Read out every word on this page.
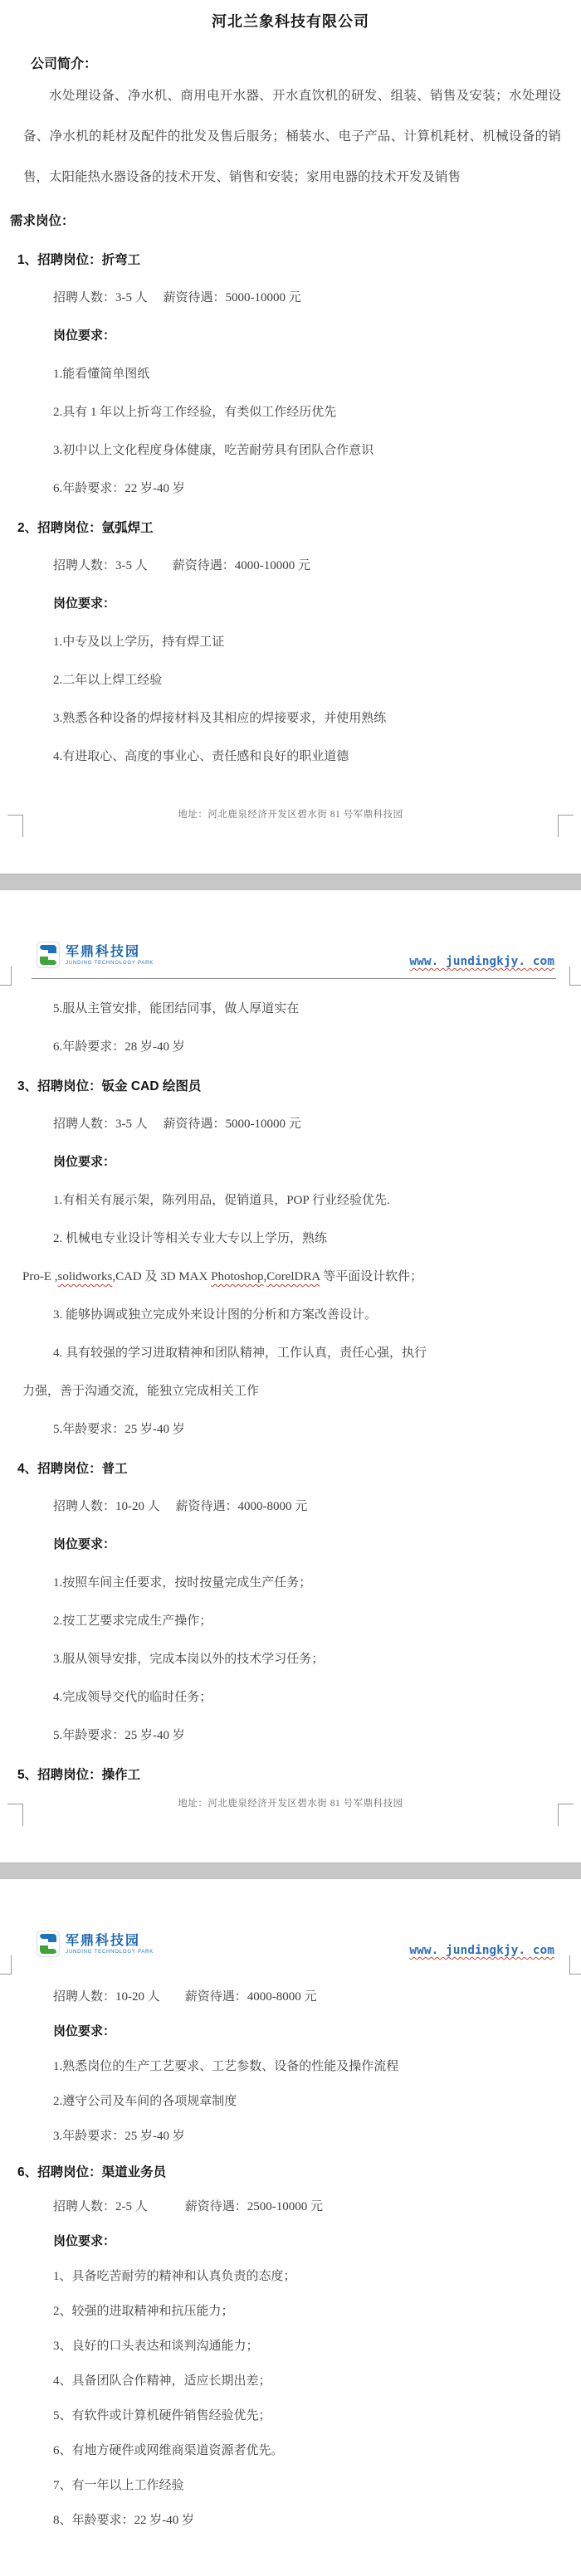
河北兰象科技有限公司
公司简介：
水处理设备、净水机、商用电开水器、开水直饮机的研发、组装、销售及安装；水处理设备、净水机的耗材及配件的批发及售后服务；桶装水、电子产品、计算机耗材、机械设备的销售，太阳能热水器设备的技术开发、销售和安装；家用电器的技术开发及销售
需求岗位：
1、招聘岗位：折弯工
招聘人数：3-5 人　 薪资待遇：5000-10000 元
岗位要求：
1.能看懂简单图纸
2.具有 1 年以上折弯工作经验，有类似工作经历优先
3.初中以上文化程度身体健康，吃苦耐劳具有团队合作意识
6.年龄要求：22 岁-40 岁
2、招聘岗位：氩弧焊工
招聘人数：3-5 人　　薪资待遇：4000-10000 元
岗位要求：
1.中专及以上学历，持有焊工证
2.二年以上焊工经验
3.熟悉各种设备的焊接材料及其相应的焊接要求，并使用熟练
4.有进取心、高度的事业心、责任感和良好的职业道德
地址：河北鹿泉经济开发区碧水街 81 号军鼎科技园
军鼎科技园
JUNDING TECHNOLOGY PARK	www. jundingkjy. com
5.服从主管安排，能团结同事，做人厚道实在
6.年龄要求：28 岁-40 岁
3、招聘岗位：钣金 CAD 绘图员
招聘人数：3-5 人　 薪资待遇：5000-10000 元
岗位要求：
1.有相关有展示架，陈列用品，促销道具，POP 行业经验优先.
2. 机械电专业设计等相关专业大专以上学历，熟练
Pro-E ,solidworks,CAD 及 3D MAX Photoshop,CorelDRA 等平面设计软件；
3. 能够协调或独立完成外来设计图的分析和方案改善设计。
4. 具有较强的学习进取精神和团队精神，工作认真，责任心强，执行
力强，善于沟通交流，能独立完成相关工作
5.年龄要求：25 岁-40 岁
4、招聘岗位：普工
招聘人数：10-20 人　 薪资待遇：4000-8000 元
岗位要求：
1.按照车间主任要求，按时按量完成生产任务；
2.按工艺要求完成生产操作；
3.服从领导安排，完成本岗以外的技术学习任务；
4.完成领导交代的临时任务；
5.年龄要求：25 岁-40 岁
5、招聘岗位：操作工
地址：河北鹿泉经济开发区碧水街 81 号军鼎科技园
军鼎科技园
JUNDING TECHNOLOGY PARK	www. jundingkjy. com
招聘人数：10-20 人　　薪资待遇：4000-8000 元
岗位要求：
1.熟悉岗位的生产工艺要求、工艺参数、设备的性能及操作流程
2.遵守公司及车间的各项规章制度
3.年龄要求：25 岁-40 岁
6、招聘岗位：渠道业务员
招聘人数：2-5 人　　　薪资待遇：2500-10000 元
岗位要求：
1、具备吃苦耐劳的精神和认真负责的态度；
2、较强的进取精神和抗压能力；
3、良好的口头表达和谈判沟通能力；
4、具备团队合作精神，适应长期出差；
5、有软件或计算机硬件销售经验优先；
6、有地方硬件或网维商渠道资源者优先。
7、有一年以上工作经验
8、年龄要求：22 岁-40 岁
